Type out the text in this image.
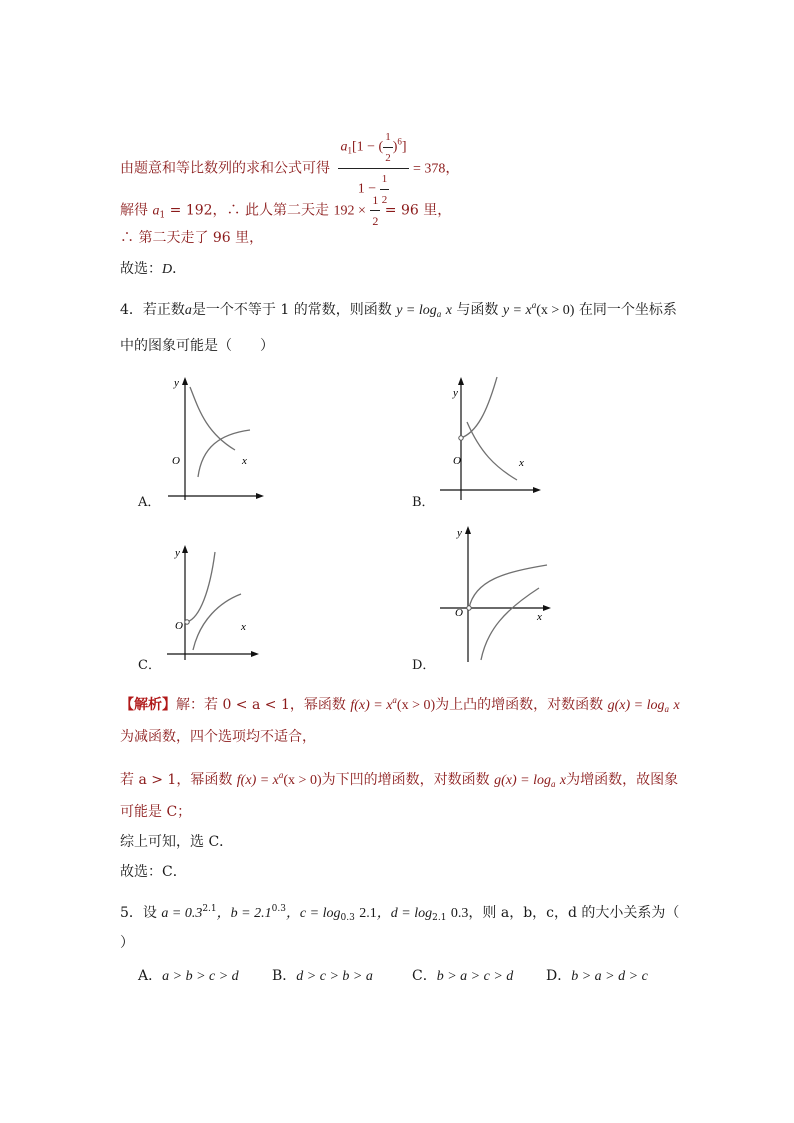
由题意和等比数列的求和公式可得 $\frac{a_1[1 - ( \frac{1}{2} )^6]}{1 - \frac{1}{2}} = 378$，
解得 $a_1 = 192$，∴ 此人第二天走 $192 \times \frac{1}{2} = 96$ 里，
∴ 第二天走了 96 里，
故选：D．
4．若正数a是一个不等于 1 的常数，则函数 $y = \log_a x$ 与函数 $y = x^a(x > 0)$ 在同一个坐标系
中的图象可能是（　　）
y
x
O
A．
y
x
O
B．
y
x
O
C．
y
x
O
D．
【解析】解：若 0 < a < 1，幂函数 $f(x) = x^a(x > 0)$为上凸的增函数，对数函数 $g(x) = \log_a x$
为减函数，四个选项均不适合，
若 a > 1，幂函数 $f(x) = x^a(x > 0)$为下凹的增函数，对数函数 $g(x) = \log_a x$为增函数，故图象
可能是 C；
综上可知，选 C．
故选：C．
5．设 $a = 0.3^{2.1}$，$b = 2.1^{0.3}$，$c = \log_{0.3} 2.1$，$d = \log_{2.1} 0.3$，则 a，b，c，d 的大小关系为（
）
A．a > b > c > d B．d > c > b > a	C．b > a > c > d D．b > a > d > c
